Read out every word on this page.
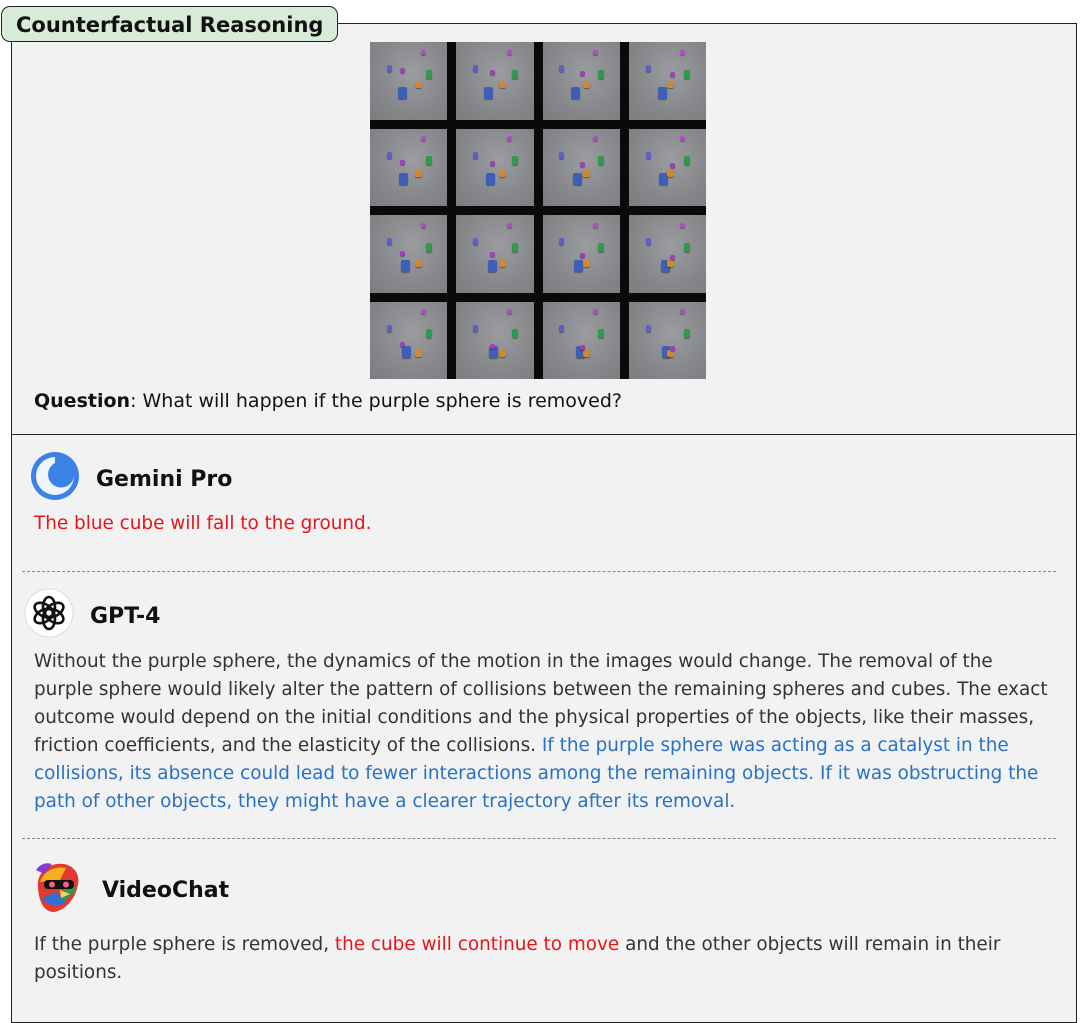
Counterfactual Reasoning
Question: What will happen if the purple sphere is removed?
Gemini Pro
The blue cube will fall to the ground.
GPT-4
Without the purple sphere, the dynamics of the motion in the images would change. The removal of the purple sphere would likely alter the pattern of collisions between the remaining spheres and cubes. The exact outcome would depend on the initial conditions and the physical properties of the objects, like their masses, friction coefficients, and the elasticity of the collisions. If the purple sphere was acting as a catalyst in the collisions, its absence could lead to fewer interactions among the remaining objects. If it was obstructing the path of other objects, they might have a clearer trajectory after its removal.
VideoChat
If the purple sphere is removed, the cube will continue to move and the other objects will remain in their positions.
